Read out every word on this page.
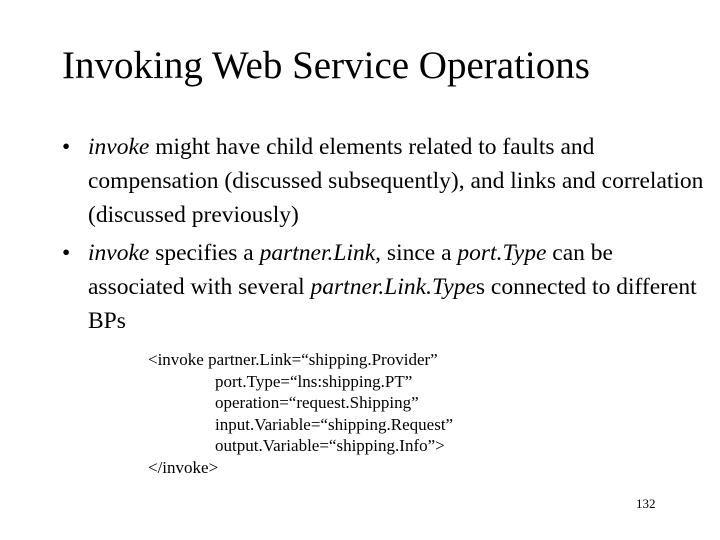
Invoking Web Service Operations
• invoke might have child elements related to faults and compensation (discussed subsequently), and links and correlation (discussed previously)
• invoke specifies a partner.Link, since a port.Type can be associated with several partner.Link.Types connected to different BPs
<invoke partner.Link=“shipping.Provider”
port.Type=“lns:shipping.PT”
operation=“request.Shipping”
input.Variable=“shipping.Request”
output.Variable=“shipping.Info”>
</invoke>
132
